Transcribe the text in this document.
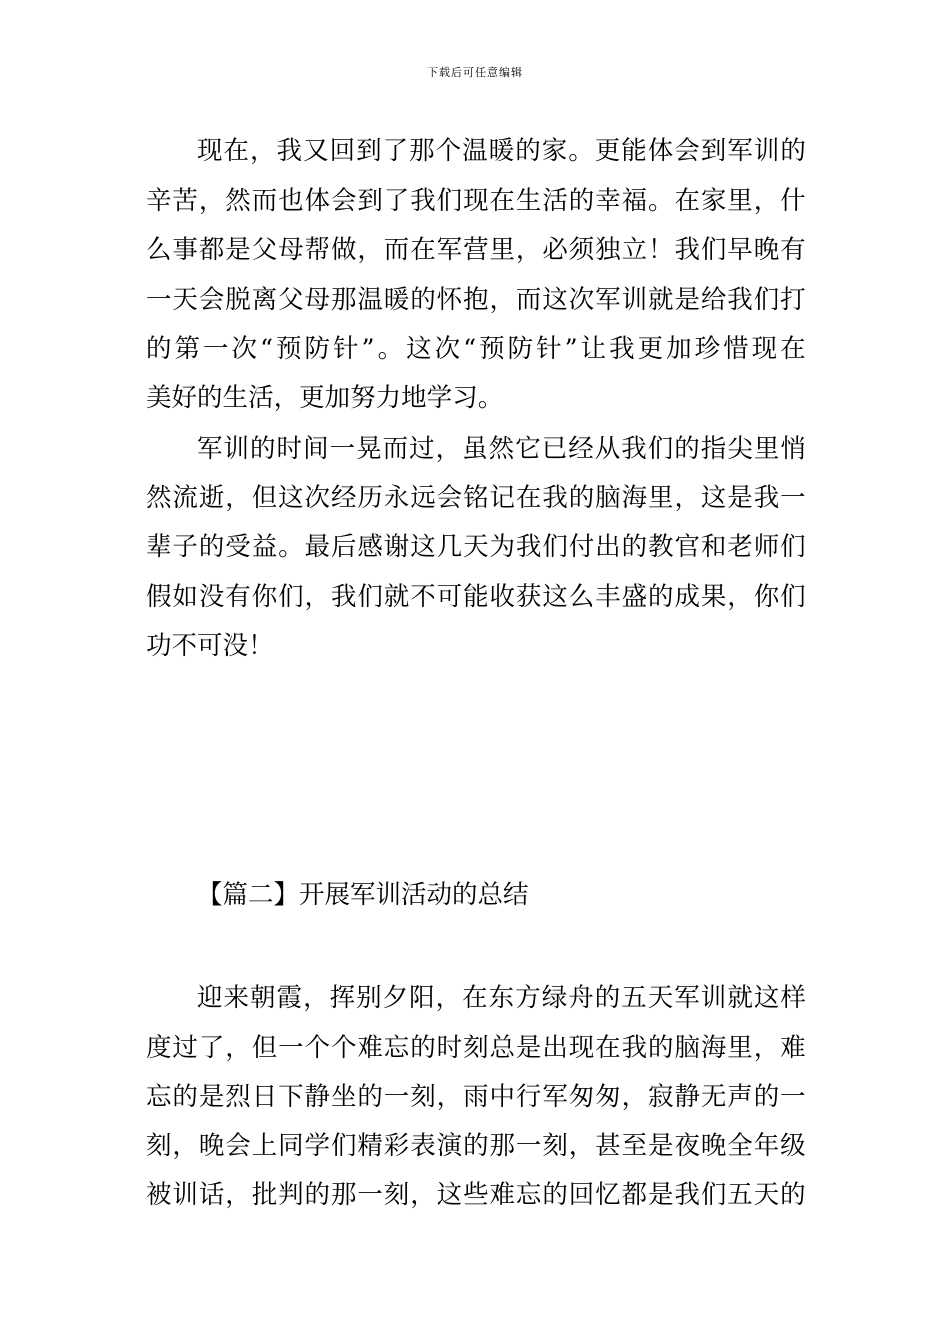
下载后可任意编辑
现 在 ， 我 又 回 到 了 那 个 温 暖 的 家 。 更 能 体 会 到 军 训 的
辛 苦 ， 然 而 也 体 会 到 了 我 们 现 在 生 活 的 幸 福 。 在 家 里 ， 什
么 事 都 是 父 母 帮 做 ， 而 在 军 营 里 ， 必 须 独 立 ！ 我 们 早 晚 有
一 天 会 脱 离 父 母 那 温 暖 的 怀 抱 ， 而 这 次 军 训 就 是 给 我 们 打
的 第 一 次 “ 预 防 针 ” 。 这 次 “ 预 防 针 ” 让 我 更 加 珍 惜 现 在
美 好 的 生 活 ， 更 加 努 力 地 学 习 。
军 训 的 时 间 一 晃 而 过 ， 虽 然 它 已 经 从 我 们 的 指 尖 里 悄
然 流 逝 ， 但 这 次 经 历 永 远 会 铭 记 在 我 的 脑 海 里 ， 这 是 我 一
辈 子 的 受 益 。 最 后 感 谢 这 几 天 为 我 们 付 出 的 教 官 和 老 师 们
假 如 没 有 你 们 ， 我 们 就 不 可 能 收 获 这 么 丰 盛 的 成 果 ， 你 们
功 不 可 没 ！
【篇二】开展军训活动的总结
迎 来 朝 霞 ， 挥 别 夕 阳 ， 在 东 方 绿 舟 的 五 天 军 训 就 这 样
度 过 了 ， 但 一 个 个 难 忘 的 时 刻 总 是 出 现 在 我 的 脑 海 里 ， 难
忘 的 是 烈 日 下 静 坐 的 一 刻 ， 雨 中 行 军 匆 匆 ， 寂 静 无 声 的 一
刻 ， 晚 会 上 同 学 们 精 彩 表 演 的 那 一 刻 ， 甚 至 是 夜 晚 全 年 级
被 训 话 ， 批 判 的 那 一 刻 ， 这 些 难 忘 的 回 忆 都 是 我 们 五 天 的
